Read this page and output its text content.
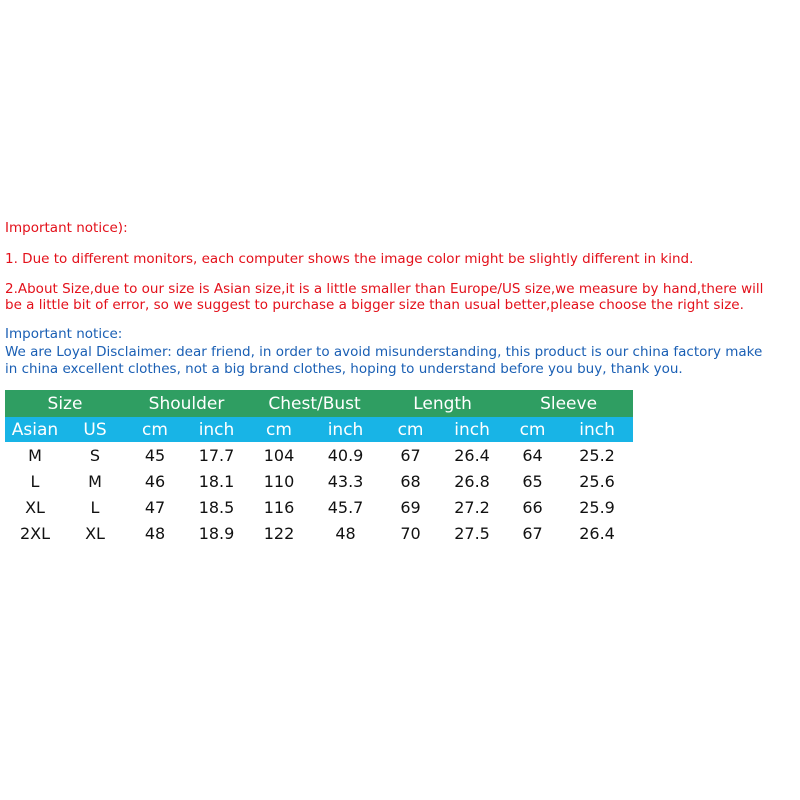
Important notice):
1. Due to different monitors, each computer shows the image color might be slightly different in kind.
2.About Size,due to our size is Asian size,it is a little smaller than Europe/US size,we measure by hand,there will
be a little bit of error, so we suggest to purchase a bigger size than usual better,please choose the right size.
Important notice:
We are Loyal Disclaimer: dear friend, in order to avoid misunderstanding, this product is our china factory make
in china excellent clothes, not a big brand clothes, hoping to understand before you buy, thank you.
Size		Shoulder		Chest/Bust		Length		Sleeve	
Asian	US	cm	inch	cm	inch	cm	inch	cm	inch
M	S	45	17.7	104	40.9	67	26.4	64	25.2
L	M	46	18.1	110	43.3	68	26.8	65	25.6
XL	L	47	18.5	116	45.7	69	27.2	66	25.9
2XL	XL	48	18.9	122	48	70	27.5	67	26.4
